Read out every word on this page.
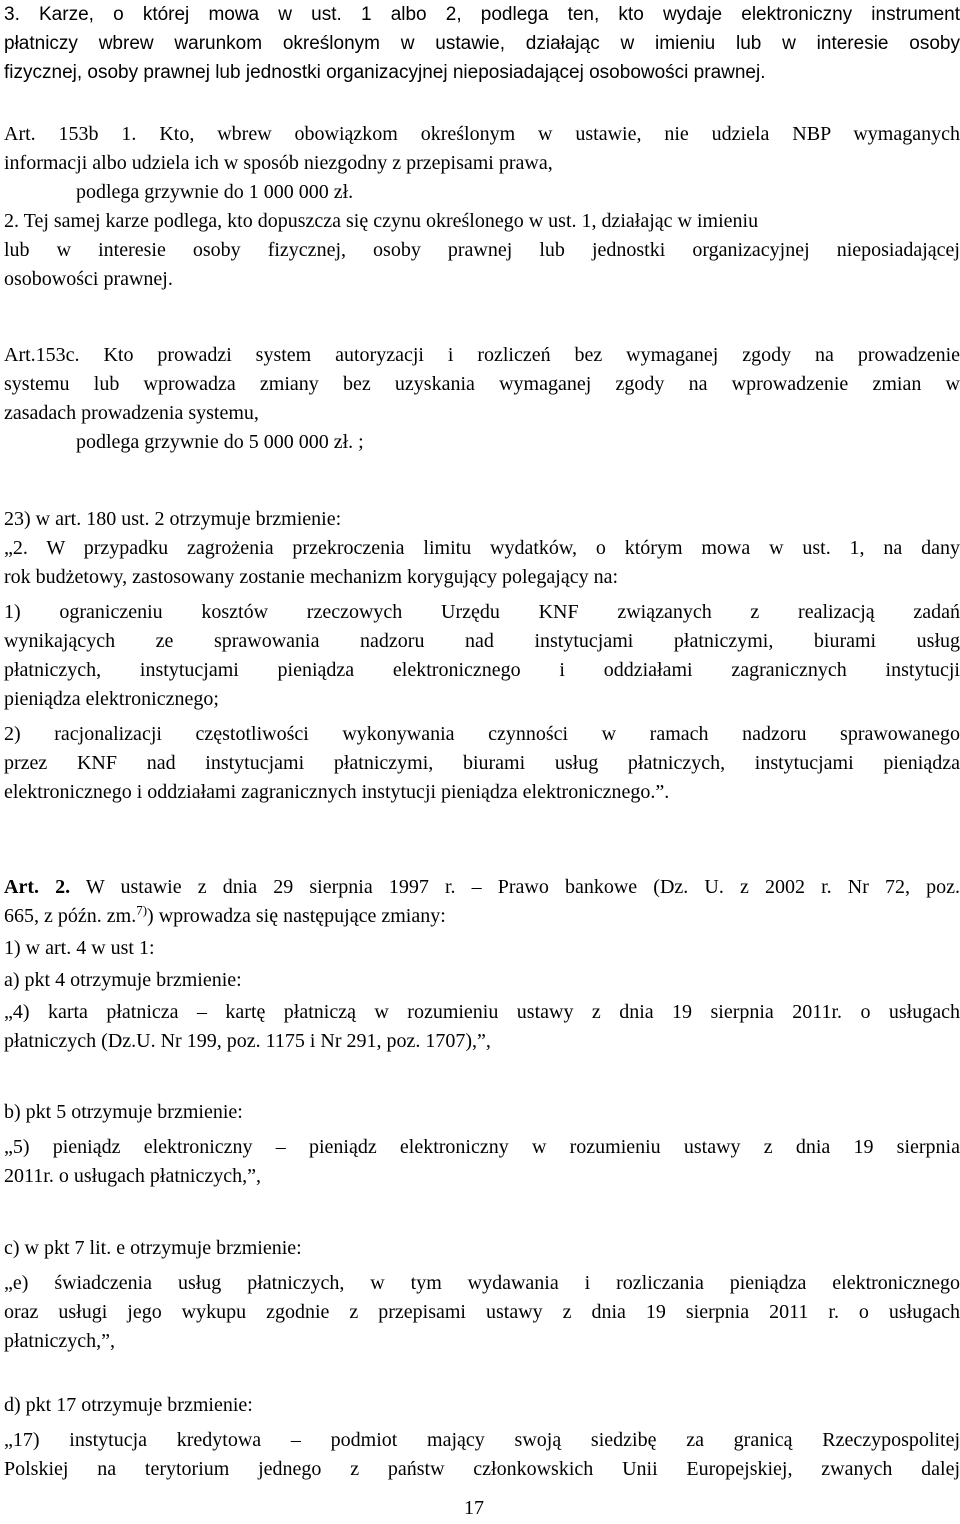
3. Karze, o której mowa w ust. 1 albo 2, podlega ten, kto wydaje elektroniczny instrument
płatniczy wbrew warunkom określonym w ustawie, działając w imieniu lub w interesie osoby
fizycznej, osoby prawnej lub jednostki organizacyjnej nieposiadającej osobowości prawnej.
Art. 153b 1. Kto, wbrew obowiązkom określonym w ustawie, nie udziela NBP wymaganych
informacji albo udziela ich w sposób niezgodny z przepisami prawa,
podlega grzywnie do 1 000 000 zł.
2. Tej samej karze podlega, kto dopuszcza się czynu określonego w ust. 1, działając w imieniu
lub w interesie osoby fizycznej, osoby prawnej lub jednostki organizacyjnej nieposiadającej
osobowości prawnej.
Art.153c. Kto prowadzi system autoryzacji i rozliczeń bez wymaganej zgody na prowadzenie
systemu lub wprowadza zmiany bez uzyskania wymaganej zgody na wprowadzenie zmian w
zasadach prowadzenia systemu,
podlega grzywnie do 5 000 000 zł. ;
23) w art. 180 ust. 2 otrzymuje brzmienie:
„2. W przypadku zagrożenia przekroczenia limitu wydatków, o którym mowa w ust. 1, na dany
rok budżetowy, zastosowany zostanie mechanizm korygujący polegający na:
1) ograniczeniu kosztów rzeczowych Urzędu KNF związanych z realizacją zadań
wynikających ze sprawowania nadzoru nad instytucjami płatniczymi, biurami usług
płatniczych, instytucjami pieniądza elektronicznego i oddziałami zagranicznych instytucji
pieniądza elektronicznego;
2) racjonalizacji częstotliwości wykonywania czynności w ramach nadzoru sprawowanego
przez KNF nad instytucjami płatniczymi, biurami usług płatniczych, instytucjami pieniądza
elektronicznego i oddziałami zagranicznych instytucji pieniądza elektronicznego.”.
Art. 2. W ustawie z dnia 29 sierpnia 1997 r. – Prawo bankowe (Dz. U. z 2002 r. Nr 72, poz.
665, z późn. zm.$^{7)}$) wprowadza się następujące zmiany:
1) w art. 4 w ust 1:
a) pkt 4 otrzymuje brzmienie:
„4) karta płatnicza – kartę płatniczą w rozumieniu ustawy z dnia 19 sierpnia 2011r. o usługach
płatniczych (Dz.U. Nr 199, poz. 1175 i Nr 291, poz. 1707),”,
b) pkt 5 otrzymuje brzmienie:
„5) pieniądz elektroniczny – pieniądz elektroniczny w rozumieniu ustawy z dnia 19 sierpnia
2011r. o usługach płatniczych,”,
c) w pkt 7 lit. e otrzymuje brzmienie:
„e) świadczenia usług płatniczych, w tym wydawania i rozliczania pieniądza elektronicznego
oraz usługi jego wykupu zgodnie z przepisami ustawy z dnia 19 sierpnia 2011 r. o usługach
płatniczych,”,
d) pkt 17 otrzymuje brzmienie:
„17) instytucja kredytowa – podmiot mający swoją siedzibę za granicą Rzeczypospolitej
Polskiej na terytorium jednego z państw członkowskich Unii Europejskiej, zwanych dalej
17
